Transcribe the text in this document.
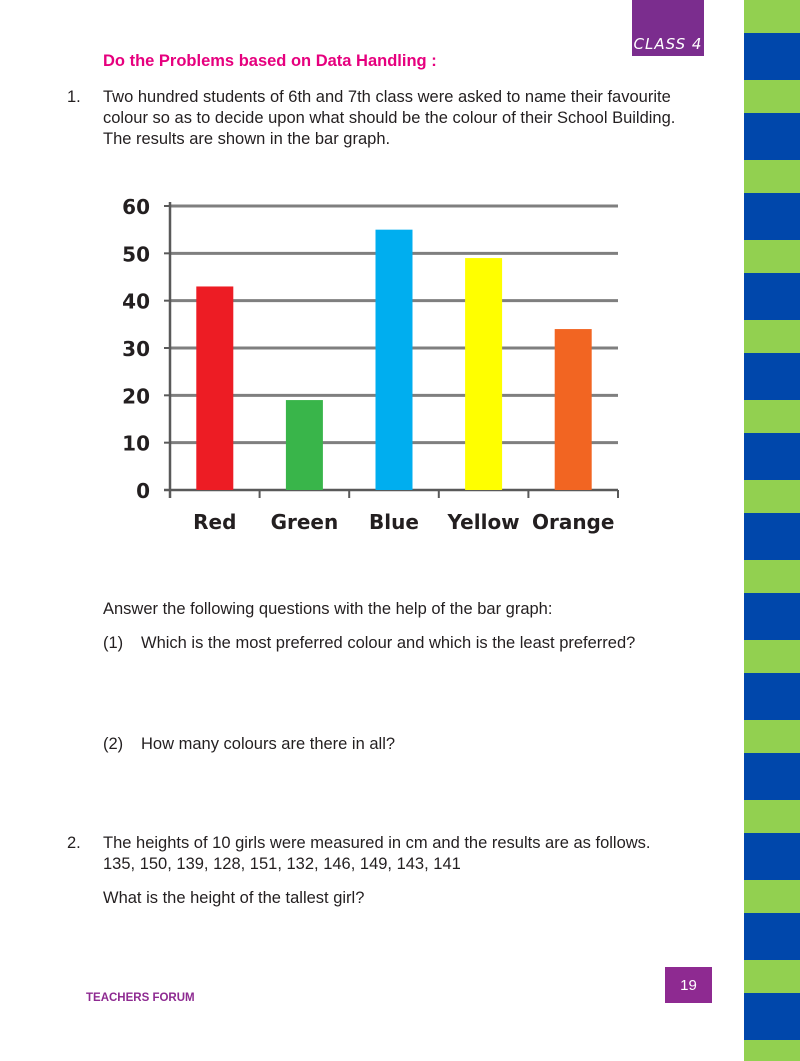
CLASS 4
Do the Problems based on Data Handling :
1. Two hundred students of 6th and 7th class were asked to name their favourite
colour so as to decide upon what should be the colour of their School Building.
The results are shown in the bar graph.
0
10
20
30
40
50
60
Red Green Blue Yellow Orange
Answer the following questions with the help of the bar graph:
(1) Which is the most preferred colour and which is the least preferred?
(2) How many colours are there in all?
2. The heights of 10 girls were measured in cm and the results are as follows.
135, 150, 139, 128, 151, 132, 146, 149, 143, 141
What is the height of the tallest girl?
19
TEACHERS FORUM
